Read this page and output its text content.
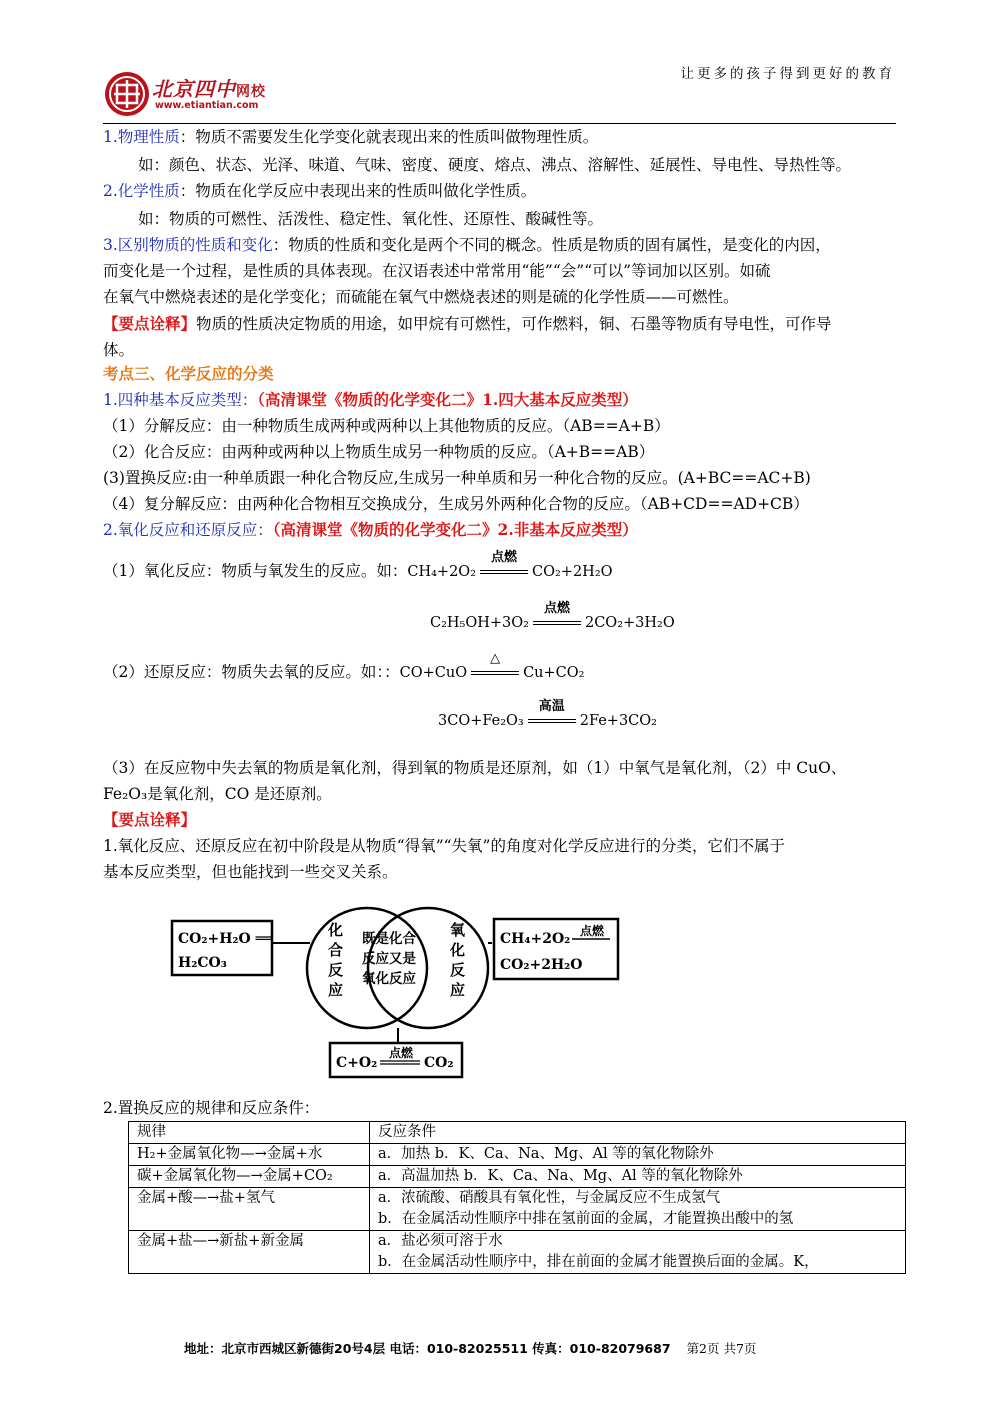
让更多的孩子得到更好的教育
北京四中网校
www.etiantian.com
1.物理性质：物质不需要发生化学变化就表现出来的性质叫做物理性质。
如：颜色、状态、光泽、味道、气味、密度、硬度、熔点、沸点、溶解性、延展性、导电性、导热性等。
2.化学性质：物质在化学反应中表现出来的性质叫做化学性质。
如：物质的可燃性、活泼性、稳定性、氧化性、还原性、酸碱性等。
3.区别物质的性质和变化：物质的性质和变化是两个不同的概念。性质是物质的固有属性，是变化的内因，
而变化是一个过程，是性质的具体表现。在汉语表述中常常用“能”“会”“可以”等词加以区别。如硫
在氧气中燃烧表述的是化学变化；而硫能在氧气中燃烧表述的则是硫的化学性质——可燃性。
【要点诠释】物质的性质决定物质的用途，如甲烷有可燃性，可作燃料，铜、石墨等物质有导电性，可作导
体。
考点三、化学反应的分类
1.四种基本反应类型：（高清课堂《物质的化学变化二》1.四大基本反应类型）
（1）分解反应：由一种物质生成两种或两种以上其他物质的反应。（AB==A+B）
（2）化合反应：由两种或两种以上物质生成另一种物质的反应。（A+B==AB）
(3)置换反应:由一种单质跟一种化合物反应,生成另一种单质和另一种化合物的反应。(A+BC==AC+B)
（4）复分解反应：由两种化合物相互交换成分，生成另外两种化合物的反应。（AB+CD==AD+CB）
2.氧化反应和还原反应：（高清课堂《物质的化学变化二》2.非基本反应类型）
（1）氧化反应：物质与氧发生的反应。如：CH₄+2O₂
点燃
CO₂+2H₂O
C₂H₅OH+3O₂
点燃
2CO₂+3H₂O
（2）还原反应：物质失去氧的反应。如：：CO+CuO
△
Cu+CO₂
3CO+Fe₂O₃
高温
2Fe+3CO₂
（3）在反应物中失去氧的物质是氧化剂，得到氧的物质是还原剂，如（1）中氧气是氧化剂，（2）中 CuO、
Fe₂O₃是氧化剂，CO 是还原剂。
【要点诠释】
1.氧化反应、还原反应在初中阶段是从物质“得氧”“失氧”的角度对化学反应进行的分类，它们不属于
基本反应类型，但也能找到一些交叉关系。
CO₂+H₂O ══
H₂CO₃
化
合
反
应
既是化合
反应又是
氧化反应
氧
化
反
应
CH₄+2O₂ 点燃
CO₂+2H₂O
C+O₂
点燃
CO₂
2.置换反应的规律和反应条件：
规律	反应条件
H₂+金属氧化物—→金属+水	a．加热 b．K、Ca、Na、Mg、Al 等的氧化物除外

碳+金属氧化物—→金属+CO₂	a．高温加热 b．K、Ca、Na、Mg、Al 等的氧化物除外

金属+酸—→盐+氢气	a．浓硫酸、硝酸具有氧化性，与金属反应不生成氢气
b．在金属活动性顺序中排在氢前面的金属，才能置换出酸中的氢

金属+盐—→新盐+新金属	a．盐必须可溶于水
b．在金属活动性顺序中，排在前面的金属才能置换后面的金属。K，
地址：北京市西城区新德街20号4层 电话：010-82025511 传真：010-82079687 第2页 共7页
